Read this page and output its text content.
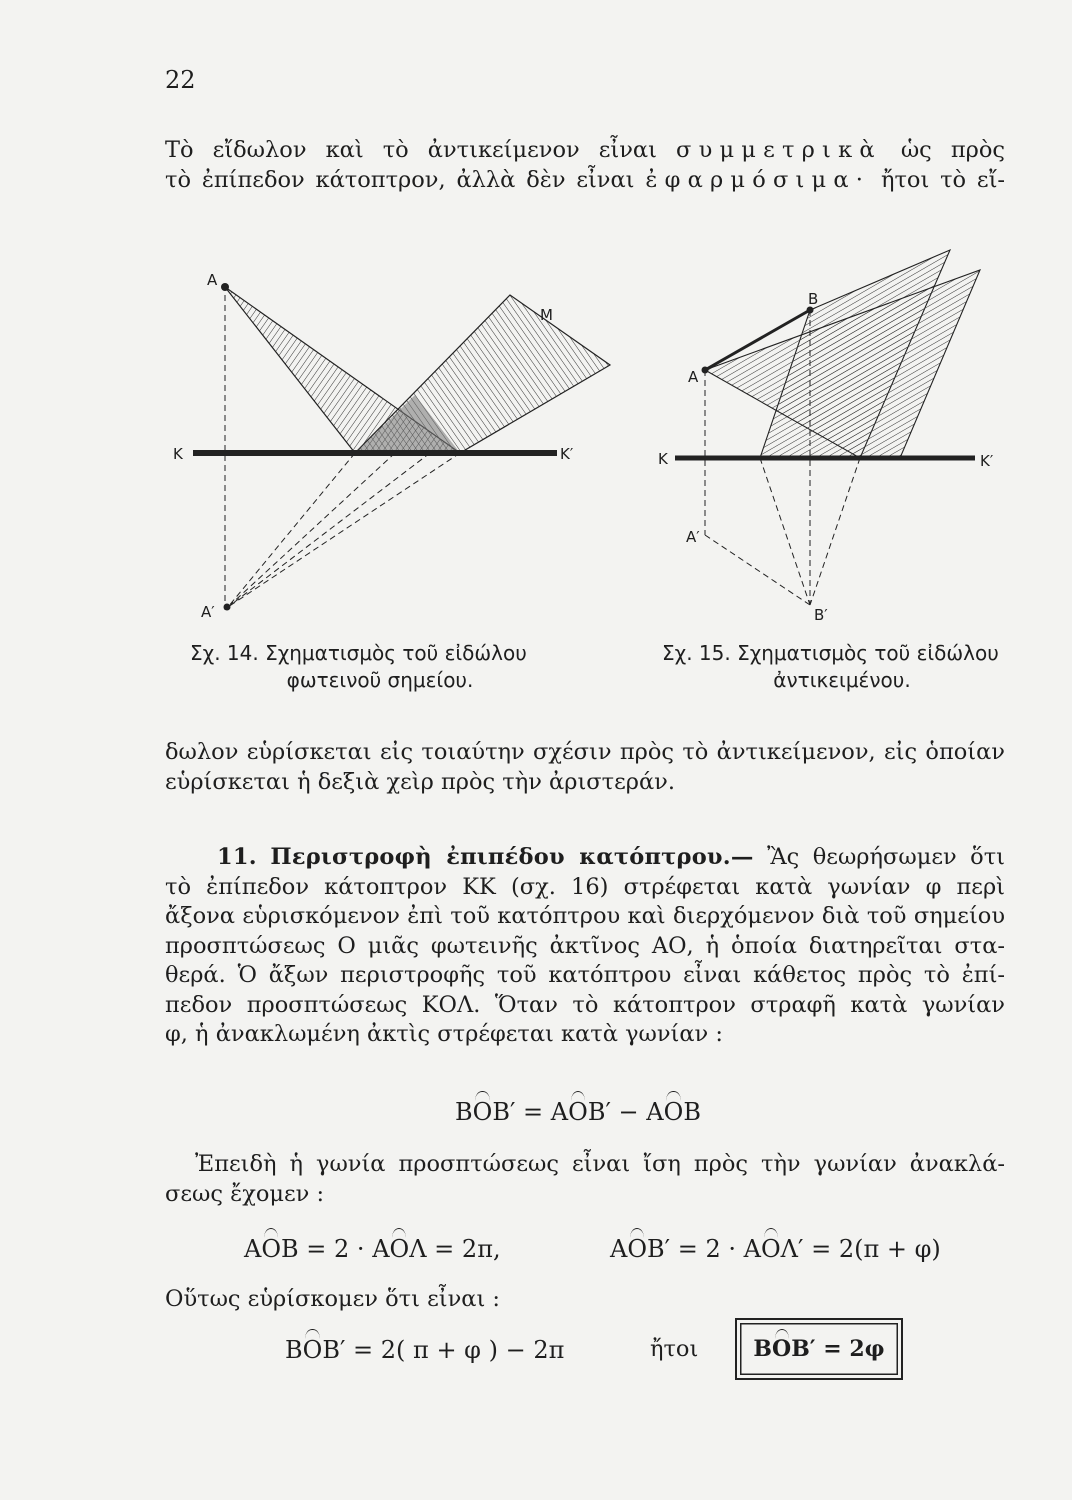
22
Τὸ εἴδωλον καὶ τὸ ἀντικείμενον εἶναι συμμετρικὰ ὡς πρὸς
τὸ ἐπίπεδον κάτοπτρον, ἀλλὰ δὲν εἶναι ἐφαρμόσιμα· ἤτοι τὸ εἴ-
A
M
K	K′
A′
Σχ. 14. Σχηματισμὸς τοῦ εἰδώλου
φωτεινοῦ σημείου.
B
A
K	K′
A′
B′
Σχ. 15. Σχηματισμὸς τοῦ εἰδώλου
ἀντικειμένου.
δωλον εὑρίσκεται εἰς τοιαύτην σχέσιν πρὸς τὸ ἀντικείμενον, εἰς ὁποίαν
εὑρίσκεται ἡ δεξιὰ χεὶρ πρὸς τὴν ἀριστεράν.
11. Περιστροφὴ ἐπιπέδου κατόπτρου.— Ἂς θεωρήσωμεν ὅτι
τὸ ἐπίπεδον κάτοπτρον ΚΚ (σχ. 16) στρέφεται κατὰ γωνίαν φ περὶ
ἄξονα εὑρισκόμενον ἐπὶ τοῦ κατόπτρου καὶ διερχόμενον διὰ τοῦ σημείου
προσπτώσεως Ο μιᾶς φωτεινῆς ἀκτῖνος ΑΟ, ἡ ὁποία διατηρεῖται στα-
θερά. Ὁ ἄξων περιστροφῆς τοῦ κατόπτρου εἶναι κάθετος πρὸς τὸ ἐπί-
πεδον προσπτώσεως ΚΟΛ. Ὅταν τὸ κάτοπτρον στραφῆ κατὰ γωνίαν
φ, ἡ ἀνακλωμένη ἀκτὶς στρέφεται κατὰ γωνίαν :
BOB′ = AOB′ − AOB
Ἐπειδὴ ἡ γωνία προσπτώσεως εἶναι ἴση πρὸς τὴν γωνίαν ἀνακλά-
σεως ἔχομεν :
AOB = 2 · AOΛ = 2π,	AOB′ = 2 · AOΛ′ = 2(π + φ)
Οὕτως εὑρίσκομεν ὅτι εἶναι :
BOB′ = 2( π + φ ) − 2π	ἤτοι	B O B′ = 2φ
